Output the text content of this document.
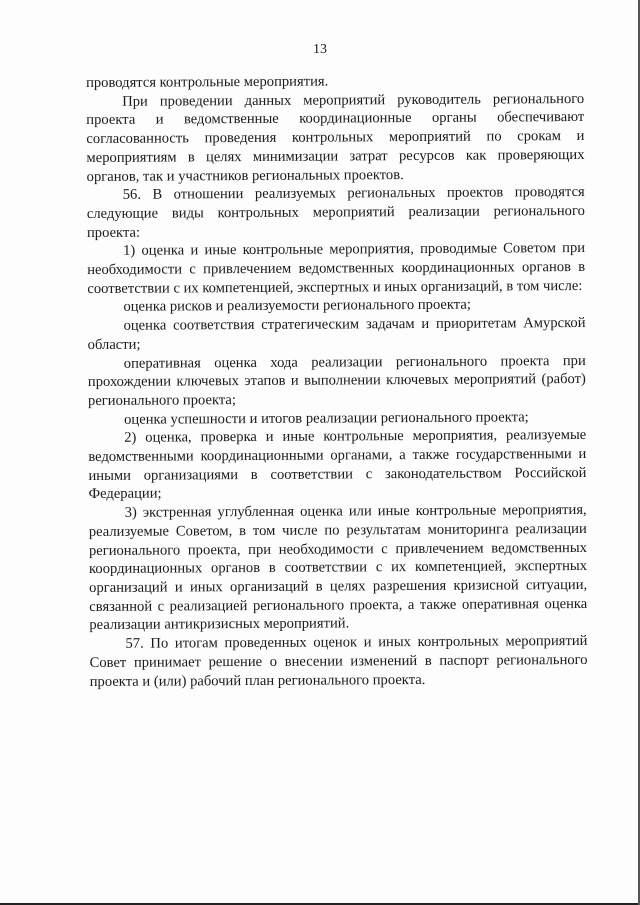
13

проводятся контрольные мероприятия.

При проведении данных мероприятий руководитель регионального проекта и ведомственные координационные органы обеспечивают согласованность проведения контрольных мероприятий по срокам и мероприятиям в целях минимизации затрат ресурсов как проверяющих органов, так и участников региональных проектов.

56. В отношении реализуемых региональных проектов проводятся следующие виды контрольных мероприятий реализации регионального проекта:

1) оценка и иные контрольные мероприятия, проводимые Советом при необходимости с привлечением ведомственных координационных органов в соответствии с их компетенцией, экспертных и иных организаций, в том числе:

оценка рисков и реализуемости регионального проекта;

оценка соответствия стратегическим задачам и приоритетам Амурской области;

оперативная оценка хода реализации регионального проекта при прохождении ключевых этапов и выполнении ключевых мероприятий (работ) регионального проекта;

оценка успешности и итогов реализации регионального проекта;

2) оценка, проверка и иные контрольные мероприятия, реализуемые ведомственными координационными органами, а также государственными и иными организациями в соответствии с законодательством Российской Федерации;

3) экстренная углубленная оценка или иные контрольные мероприятия, реализуемые Советом, в том числе по результатам мониторинга реализации регионального проекта, при необходимости с привлечением ведомственных координационных органов в соответствии с их компетенцией, экспертных организаций и иных организаций в целях разрешения кризисной ситуации, связанной с реализацией регионального проекта, а также оперативная оценка реализации антикризисных мероприятий.

57. По итогам проведенных оценок и иных контрольных мероприятий Совет принимает решение о внесении изменений в паспорт регионального проекта и (или) рабочий план регионального проекта.
